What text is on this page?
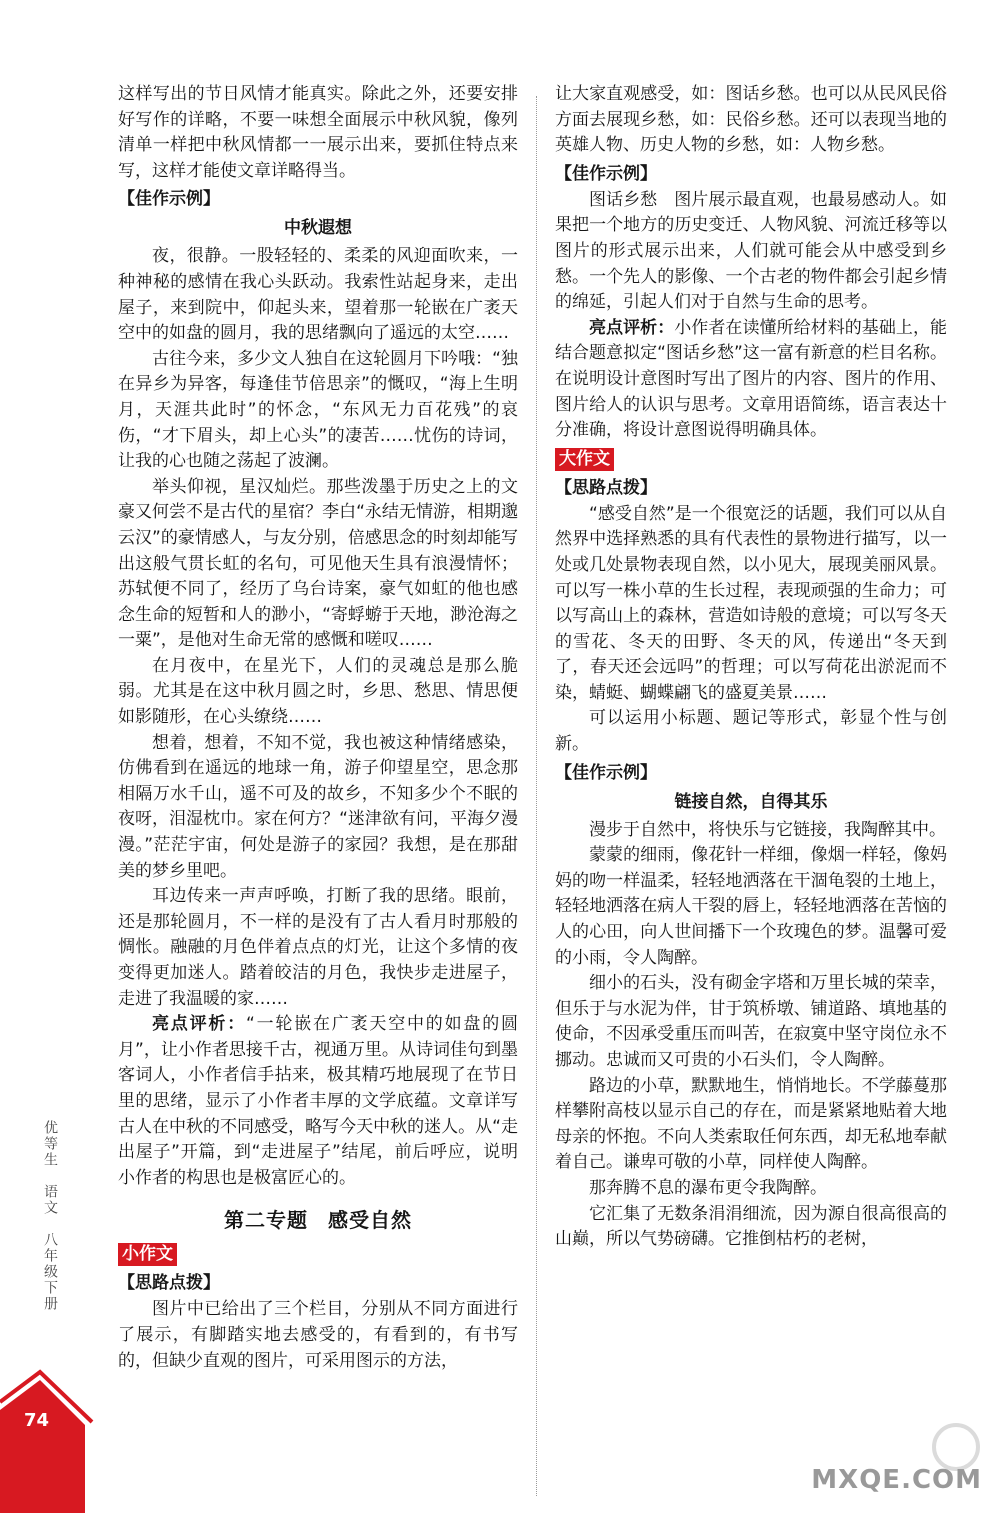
这样写出的节日风情才能真实。除此之外，还要安排好写作的详略，不要一味想全面展示中秋风貌，像列清单一样把中秋风情都一一展示出来，要抓住特点来写，这样才能使文章详略得当。

【佳作示例】
中秋遐想

夜，很静。一股轻轻的、柔柔的风迎面吹来，一种神秘的感情在我心头跃动。我索性站起身来，走出屋子，来到院中，仰起头来，望着那一轮嵌在广袤天空中的如盘的圆月，我的思绪飘向了遥远的太空……

古往今来，多少文人独自在这轮圆月下吟哦：“独在异乡为异客，每逢佳节倍思亲”的慨叹，“海上生明月，天涯共此时”的怀念，“东风无力百花残”的哀伤，“才下眉头，却上心头”的凄苦……忧伤的诗词，让我的心也随之荡起了波澜。

举头仰视，星汉灿烂。那些泼墨于历史之上的文豪又何尝不是古代的星宿？李白“永结无情游，相期邈云汉”的豪情感人，与友分别，倍感思念的时刻却能写出这般气贯长虹的名句，可见他天生具有浪漫情怀；苏轼便不同了，经历了乌台诗案，豪气如虹的他也感念生命的短暂和人的渺小，“寄蜉蝣于天地，渺沧海之一粟”，是他对生命无常的感慨和嗟叹……

在月夜中，在星光下，人们的灵魂总是那么脆弱。尤其是在这中秋月圆之时，乡思、愁思、情思便如影随形，在心头缭绕……

想着，想着，不知不觉，我也被这种情绪感染，仿佛看到在遥远的地球一角，游子仰望星空，思念那相隔万水千山，遥不可及的故乡，不知多少个不眠的夜呀，泪湿枕巾。家在何方？“迷津欲有问，平海夕漫漫。”茫茫宇宙，何处是游子的家园？我想，是在那甜美的梦乡里吧。

耳边传来一声声呼唤，打断了我的思绪。眼前，还是那轮圆月，不一样的是没有了古人看月时那般的惆怅。融融的月色伴着点点的灯光，让这个多情的夜变得更加迷人。踏着皎洁的月色，我快步走进屋子，走进了我温暖的家……

亮点评析：“一轮嵌在广袤天空中的如盘的圆月”，让小作者思接千古，视通万里。从诗词佳句到墨客词人，小作者信手拈来，极其精巧地展现了在节日里的思绪，显示了小作者丰厚的文学底蕴。文章详写古人在中秋的不同感受，略写今天中秋的迷人。从“走出屋子”开篇，到“走进屋子”结尾，前后呼应，说明小作者的构思也是极富匠心的。

第二专题 感受自然
小作文
【思路点拨】

图片中已给出了三个栏目，分别从不同方面进行了展示，有脚踏实地去感受的，有看到的，有书写的，但缺少直观的图片，可采用图示的方法，

让大家直观感受，如：图话乡愁。也可以从民风民俗方面去展现乡愁，如：民俗乡愁。还可以表现当地的英雄人物、历史人物的乡愁，如：人物乡愁。

【佳作示例】

图话乡愁　图片展示最直观，也最易感动人。如果把一个地方的历史变迁、人物风貌、河流迁移等以图片的形式展示出来，人们就可能会从中感受到乡愁。一个先人的影像、一个古老的物件都会引起乡情的绵延，引起人们对于自然与生命的思考。

亮点评析：小作者在读懂所给材料的基础上，能结合题意拟定“图话乡愁”这一富有新意的栏目名称。在说明设计意图时写出了图片的内容、图片的作用、图片给人的认识与思考。文章用语简练，语言表达十分准确，将设计意图说得明确具体。

大作文
【思路点拨】

“感受自然”是一个很宽泛的话题，我们可以从自然界中选择熟悉的具有代表性的景物进行描写，以一处或几处景物表现自然，以小见大，展现美丽风景。可以写一株小草的生长过程，表现顽强的生命力；可以写高山上的森林，营造如诗般的意境；可以写冬天的雪花、冬天的田野、冬天的风，传递出“冬天到了，春天还会远吗”的哲理；可以写荷花出淤泥而不染，蜻蜓、蝴蝶翩飞的盛夏美景……

可以运用小标题、题记等形式，彰显个性与创新。

【佳作示例】
链接自然，自得其乐

漫步于自然中，将快乐与它链接，我陶醉其中。

蒙蒙的细雨，像花针一样细，像烟一样轻，像妈妈的吻一样温柔，轻轻地洒落在干涸龟裂的土地上，轻轻地洒落在病人干裂的唇上，轻轻地洒落在苦恼的人的心田，向人世间播下一个玫瑰色的梦。温馨可爱的小雨，令人陶醉。

细小的石头，没有砌金字塔和万里长城的荣幸，但乐于与水泥为伴，甘于筑桥墩、铺道路、填地基的使命，不因承受重压而叫苦，在寂寞中坚守岗位永不挪动。忠诚而又可贵的小石头们，令人陶醉。

路边的小草，默默地生，悄悄地长。不学藤蔓那样攀附高枝以显示自己的存在，而是紧紧地贴着大地母亲的怀抱。不向人类索取任何东西，却无私地奉献着自己。谦卑可敬的小草，同样使人陶醉。

那奔腾不息的瀑布更令我陶醉。

它汇集了无数条涓涓细流，因为源自很高很高的山巅，所以气势磅礴。它推倒枯朽的老树，

优等生　语文　八年级下册
74
MXQE.COM
